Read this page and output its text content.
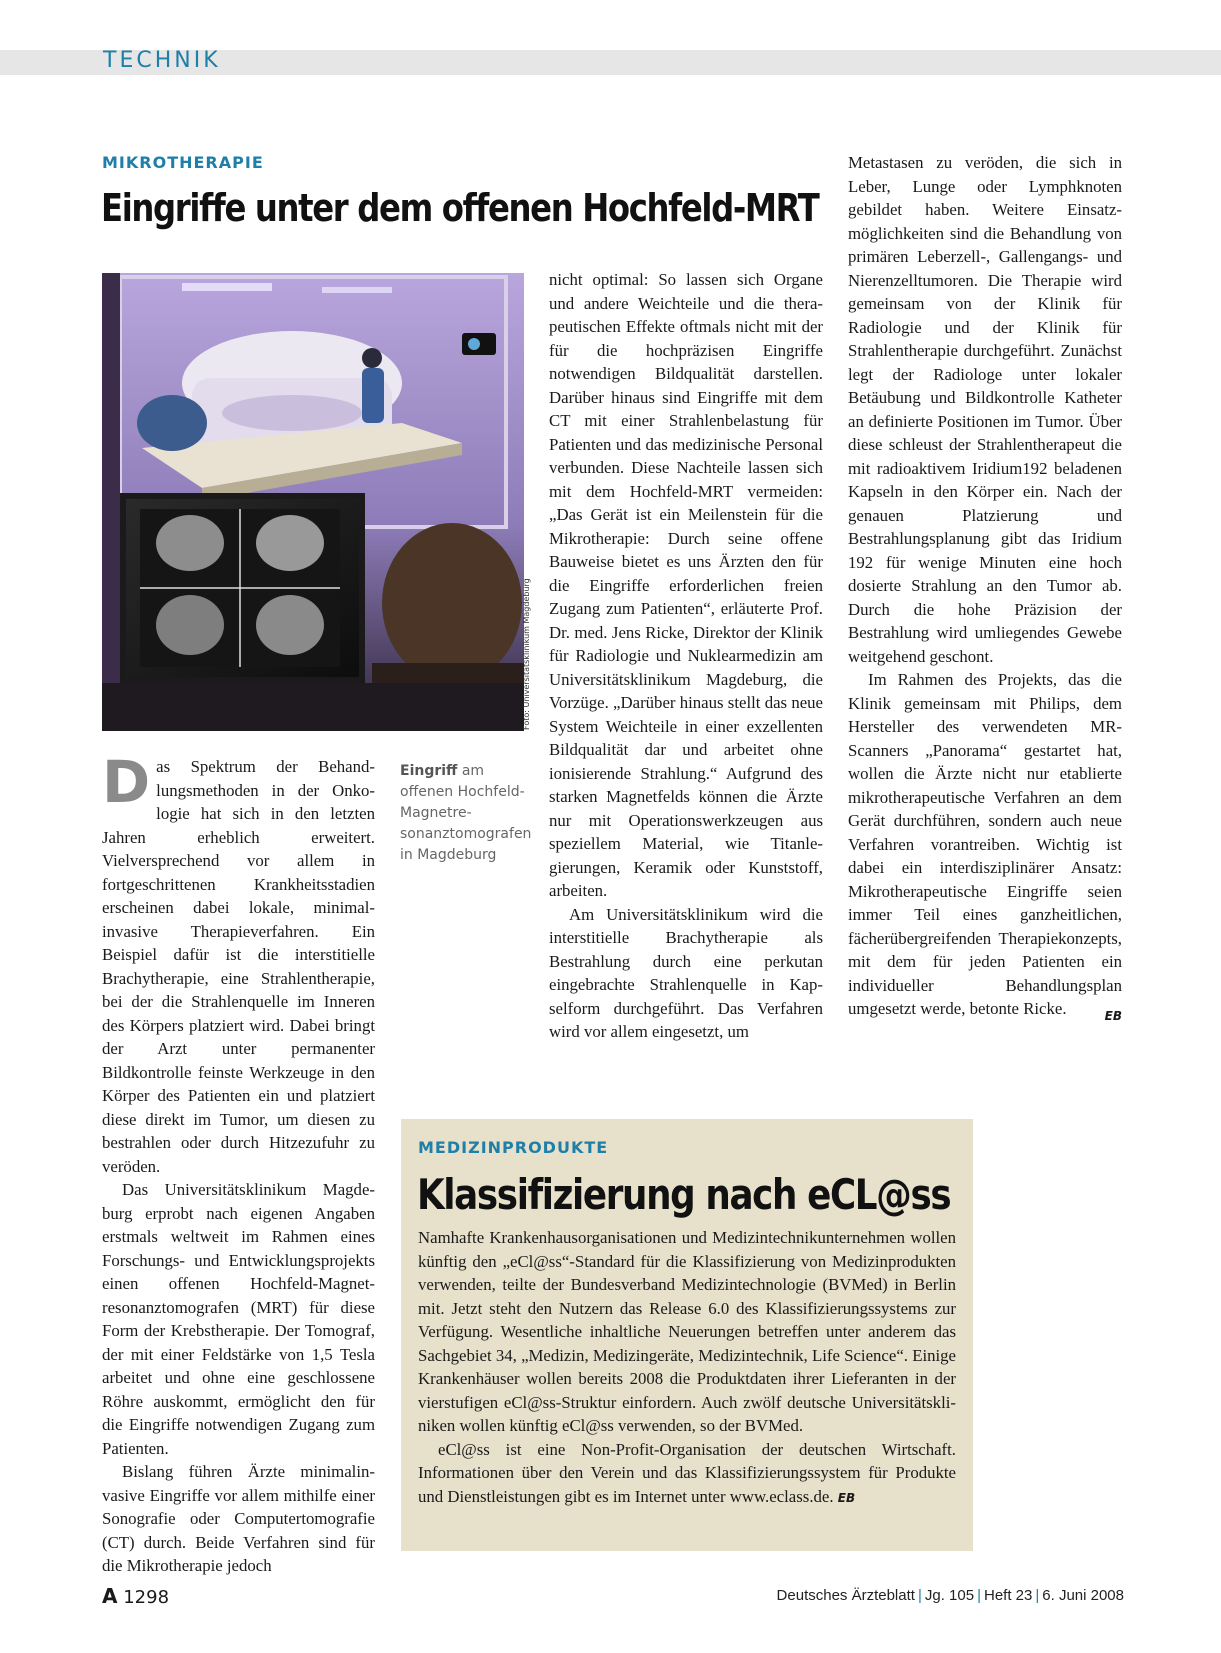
TECHNIK
MIKROTHERAPIE
Eingriffe unter dem offenen Hochfeld-MRT
Foto: Universitätsklinikum Magdeburg
Eingriff am offenen Hochfeld-Magnetresonanztomografen in Magdeburg

Das Spektrum der Behandlungsmethoden in der Onkologie hat sich in den letzten Jahren erheblich erweitert. Vielversprechend vor allem in fortgeschrittenen Krankheitsstadien erscheinen dabei lokale, minimal-invasive Therapieverfahren. Ein Beispiel dafür ist die interstitielle Brachytherapie, eine Strahlentherapie, bei der die Strahlenquelle im Inneren des Körpers platziert wird. Dabei bringt der Arzt unter permanenter Bildkontrolle feinste Werkzeuge in den Körper des Patienten ein und platziert diese direkt im Tumor, um diesen zu bestrahlen oder durch Hitzezufuhr zu veröden.

Das Universitätsklinikum Magdeburg erprobt nach eigenen Angaben erstmals weltweit im Rahmen eines Forschungs- und Entwicklungsprojekts einen offenen Hochfeld-Magnetresonanztomografen (MRT) für diese Form der Krebstherapie. Der Tomograf, der mit einer Feldstärke von 1,5 Tesla arbeitet und ohne eine geschlossene Röhre auskommt, ermöglicht den für die Eingriffe notwendigen Zugang zum Patienten.

Bislang führen Ärzte minimalinvasive Eingriffe vor allem mithilfe einer Sonografie oder Computertomografie (CT) durch. Beide Verfahren sind für die Mikrotherapie jedoch

nicht optimal: So lassen sich Organe und andere Weichteile und die therapeutischen Effekte oftmals nicht mit der für die hochpräzisen Eingriffe notwendigen Bildqualität darstellen. Darüber hinaus sind Eingriffe mit dem CT mit einer Strahlenbelastung für Patienten und das medizinische Personal verbunden. Diese Nachteile lassen sich mit dem Hochfeld-MRT vermeiden: „Das Gerät ist ein Meilenstein für die Mikrotherapie: Durch seine offene Bauweise bietet es uns Ärzten den für die Eingriffe erforderlichen freien Zugang zum Patienten“, erläuterte Prof. Dr. med. Jens Ricke, Direktor der Klinik für Radiologie und Nuklearmedizin am Universitätsklinikum Magdeburg, die Vorzüge. „Darüber hinaus stellt das neue System Weichteile in einer exzellenten Bildqualität dar und arbeitet ohne ionisierende Strahlung.“ Aufgrund des starken Magnetfelds können die Ärzte nur mit Operationswerkzeugen aus speziellem Material, wie Titanlegierungen, Keramik oder Kunststoff, arbeiten.

Am Universitätsklinikum wird die interstitielle Brachytherapie als Bestrahlung durch eine perkutan eingebrachte Strahlenquelle in Kapselform durchgeführt. Das Verfahren wird vor allem eingesetzt, um

Metastasen zu veröden, die sich in Leber, Lunge oder Lymphknoten gebildet haben. Weitere Einsatzmöglichkeiten sind die Behandlung von primären Leberzell-, Gallengangs- und Nierenzelltumoren. Die Therapie wird gemeinsam von der Klinik für Radiologie und der Klinik für Strahlentherapie durchgeführt. Zunächst legt der Radiologe unter lokaler Betäubung und Bildkontrolle Katheter an definierte Positionen im Tumor. Über diese schleust der Strahlentherapeut die mit radioaktivem Iridium192 beladenen Kapseln in den Körper ein. Nach der genauen Platzierung und Bestrahlungsplanung gibt das Iridium 192 für wenige Minuten eine hoch dosierte Strahlung an den Tumor ab. Durch die hohe Präzision der Bestrahlung wird umliegendes Gewebe weitgehend geschont.

Im Rahmen des Projekts, das die Klinik gemeinsam mit Philips, dem Hersteller des verwendeten MR-Scanners „Panorama“ gestartet hat, wollen die Ärzte nicht nur etablierte mikrotherapeutische Verfahren an dem Gerät durchführen, sondern auch neue Verfahren vorantreiben. Wichtig ist dabei ein interdisziplinärer Ansatz: Mikrotherapeutische Eingriffe seien immer Teil eines ganzheitlichen, fächerübergreifenden Therapiekonzepts, mit dem für jeden Patienten ein individueller Behandlungsplan umgesetzt werde, betonte Ricke.	EB
MEDIZINPRODUKTE
Klassifizierung nach eCL@ss

Namhafte Krankenhausorganisationen und Medizintechnikunternehmen wollen künftig den „eCl@ss“-Standard für die Klassifizierung von Medizinprodukten verwenden, teilte der Bundesverband Medizintechnologie (BVMed) in Berlin mit. Jetzt steht den Nutzern das Release 6.0 des Klassifizierungssystems zur Verfügung. Wesentliche inhaltliche Neuerungen betreffen unter anderem das Sachgebiet 34, „Medizin, Medizingeräte, Medizintechnik, Life Science“. Einige Krankenhäuser wollen bereits 2008 die Produktdaten ihrer Lieferanten in der vierstufigen eCl@ss-Struktur einfordern. Auch zwölf deutsche Universitätskliniken wollen künftig eCl@ss verwenden, so der BVMed.

eCl@ss ist eine Non-Profit-Organisation der deutschen Wirtschaft. Informationen über den Verein und das Klassifizierungssystem für Produkte und Dienstleistungen gibt es im Internet unter www.eclass.de. EB

A 1298	Deutsches Ärzteblatt | Jg. 105 | Heft 23 | 6. Juni 2008
